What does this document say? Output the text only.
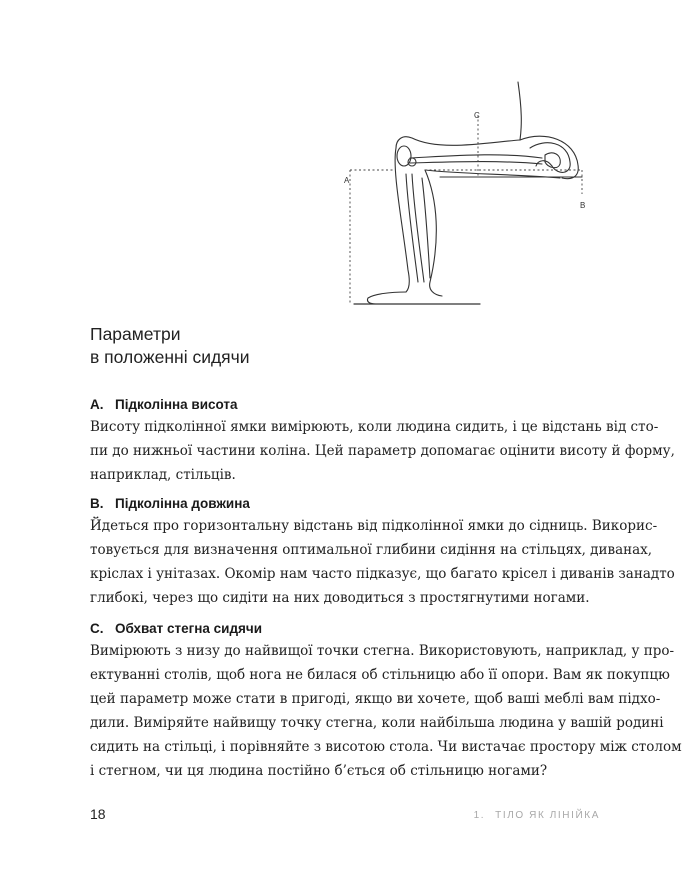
A
C
B
Параметри
в положенні сидячи
A. Підколінна висота

Висоту підколінної ямки вимірюють, коли людина сидить, і це відстань від сто-
пи до нижньої частини коліна. Цей параметр допомагає оцінити висоту й форму,
наприклад, стільців.

B. Підколінна довжина

Йдеться про горизонтальну відстань від підколінної ямки до сідниць. Викорис-
товується для визначення оптимальної глибини сидіння на стільцях, диванах,
кріслах і унітазах. Окомір нам часто підказує, що багато крісел і диванів занадто
глибокі, через що сидіти на них доводиться з простягнутими ногами.

C. Обхват стегна сидячи

Вимірюють з низу до найвищої точки стегна. Використовують, наприклад, у про-
ектуванні столів, щоб нога не билася об стільницю або її опори. Вам як покупцю
цей параметр може стати в пригоді, якщо ви хочете, щоб ваші меблі вам підхо-
дили. Виміряйте найвищу точку стегна, коли найбільша людина у вашій родині
сидить на стільці, і порівняйте з висотою стола. Чи вистачає простору між столом
і стегном, чи ця людина постійно б’ється об стільницю ногами?

18	1. ТІЛО ЯК ЛІНІЙКА
